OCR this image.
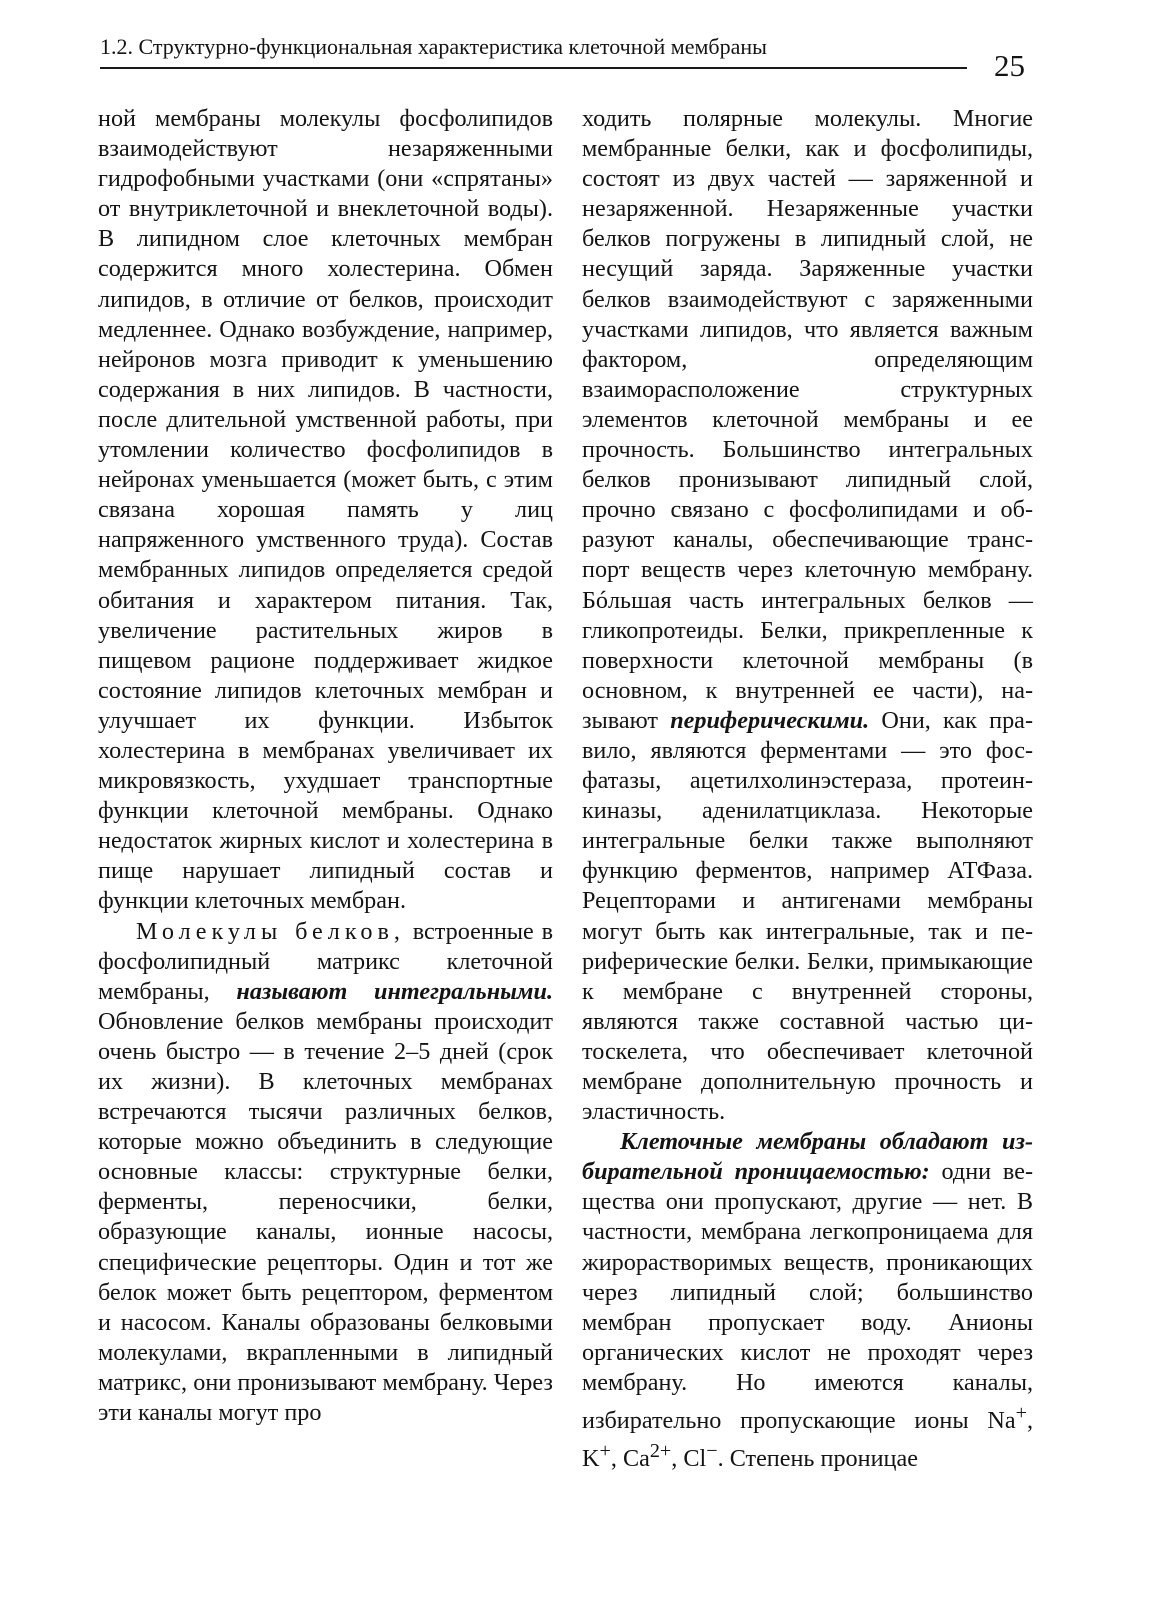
1.2. Структурно-функциональная характеристика клеточной мембраны
25

ной мембраны молекулы фосфолипидов взаимодействуют незаряженными гидрофобными участками (они «спрятаны» от внутриклеточной и внеклеточной воды). В липидном слое клеточных мембран содержится много холестерина. Обмен липидов, в отличие от белков, происходит медленнее. Однако возбуждение, например, нейронов мозга приводит к уменьшению содержания в них липидов. В частности, после длительной умственной работы, при утомлении количество фосфолипидов в нейронах уменьшается (может быть, с этим связана хорошая память у лиц напряженного умственного труда). Состав мембранных липидов определяется средой обитания и характером питания. Так, увеличение растительных жиров в пищевом рационе поддерживает жидкое состояние липидов клеточных мембран и улучшает их функции. Избыток холестерина в мембранах увеличивает их микровязкость, ухудшает транспортные функции клеточной мембраны. Однако недостаток жирных кислот и холестерина в пище нарушает липидный состав и функции клеточных мембран.

Молекулы белков, встроенные в фосфолипидный матрикс клеточной мембраны, называют интегральными. Обновление белков мембраны происходит очень быстро — в течение 2–5 дней (срок их жизни). В клеточных мембранах встречаются тысячи различных белков, которые можно объединить в следующие основные классы: структурные белки, ферменты, переносчики, белки, образующие каналы, ионные насосы, специфические рецепторы. Один и тот же белок может быть рецептором, ферментом и насосом. Каналы образованы белковыми молекулами, вкрапленными в липидный матрикс, они пронизывают мембрану. Через эти каналы могут про

ходить полярные молекулы. Многие мембранные белки, как и фосфолипиды, состоят из двух частей — заряженной и незаряженной. Незаряженные участки белков погружены в липидный слой, не несущий заряда. Заряженные участки белков взаимодействуют с заряженными участками липидов, что является важным фактором, определяющим взаиморасположение структурных элементов клеточной мембраны и ее прочность. Большинство интегральных белков пронизывают липидный слой, прочно связано с фосфолипидами и образуют каналы, обеспечивающие транспорт веществ через клеточную мембрану. Бóльшая часть интегральных белков — гликопротеиды. Белки, прикрепленные к поверхности клеточной мембраны (в основном, к внутренней ее части), называют периферическими. Они, как правило, являются ферментами — это фосфатазы, ацетилхолинэстераза, протеинкиназы, аденилатциклаза. Некоторые интегральные белки также выполняют функцию ферментов, например АТФаза. Рецепторами и антигенами мембраны могут быть как интегральные, так и периферические белки. Белки, примыкающие к мембране с внутренней стороны, являются также составной частью цитоскелета, что обеспечивает клеточной мембране дополнительную прочность и эластичность.

Клеточные мембраны обладают избирательной проницаемостью: одни вещества они пропускают, другие — нет. В частности, мембрана легкопроницаема для жирорастворимых веществ, проникающих через липидный слой; большинство мембран пропускает воду. Анионы органических кислот не проходят через мембрану. Но имеются каналы, избирательно пропускающие ионы Na+, K+, $Ca^{2+}$, Cl−. Степень проницае
